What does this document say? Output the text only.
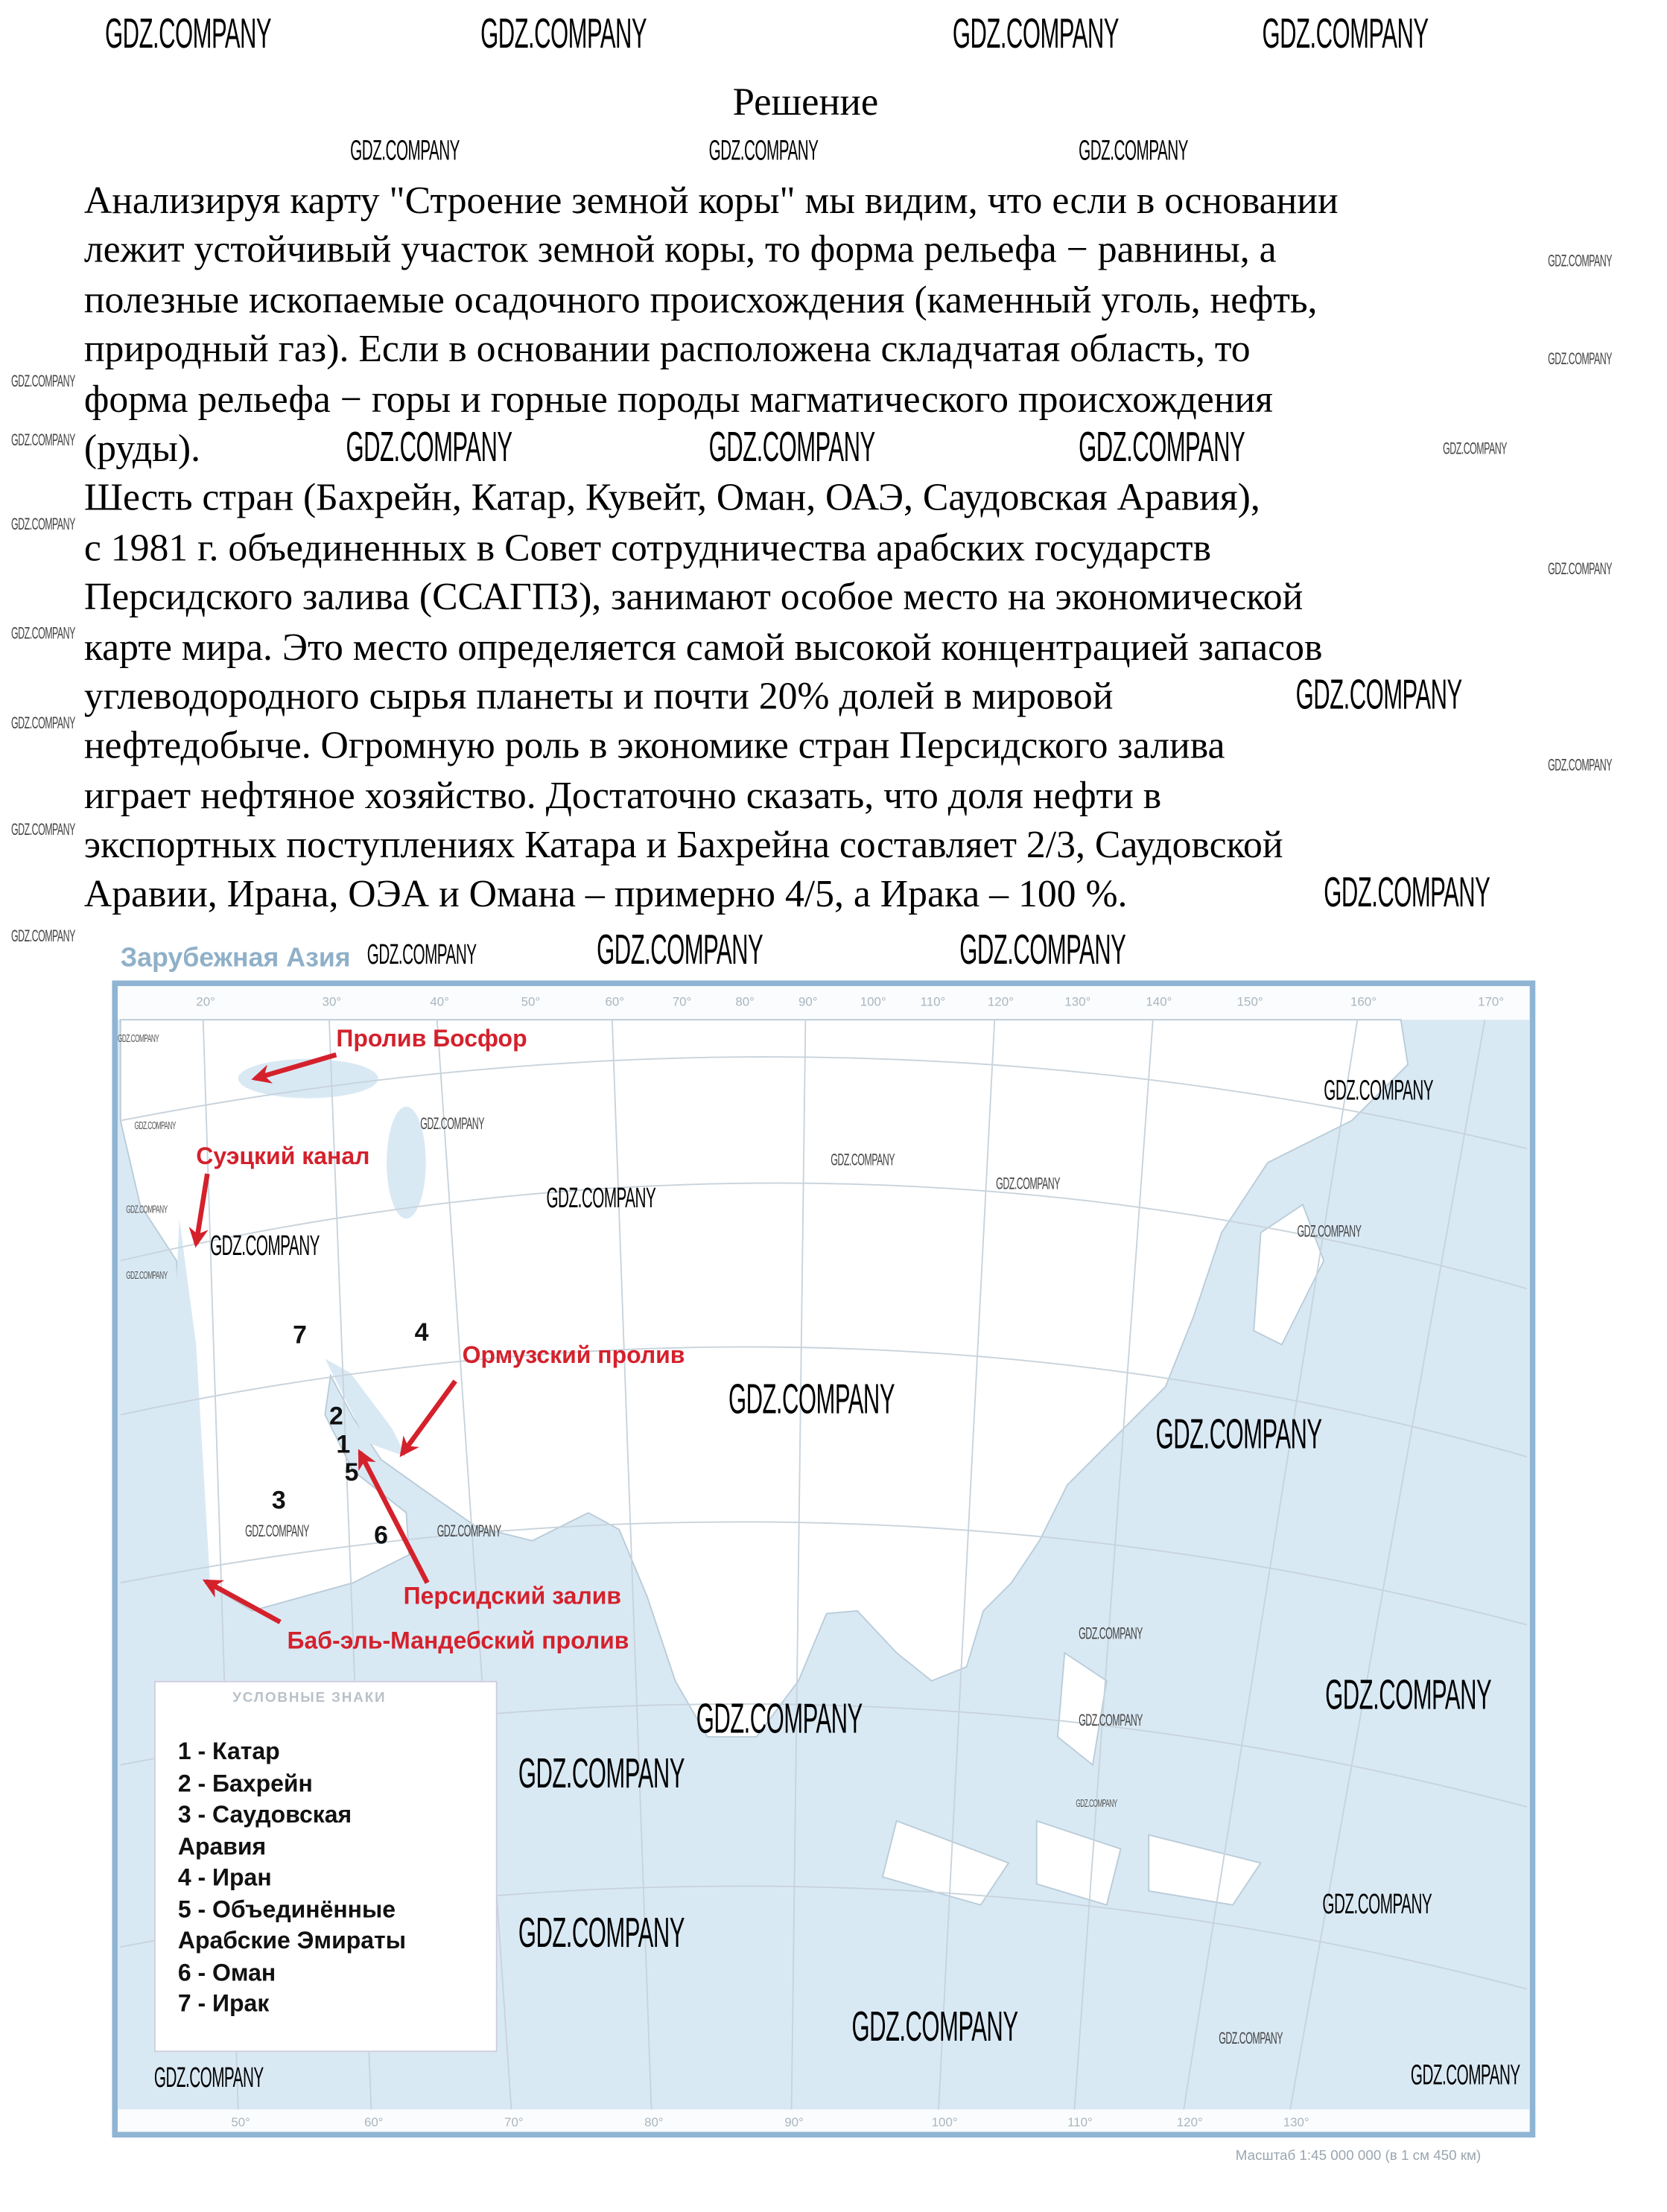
Решение
Анализируя карту "Строение земной коры" мы видим, что если в основании
лежит устойчивый участок земной коры, то форма рельефа − равнины, а
полезные ископаемые осадочного происхождения (каменный уголь, нефть,
природный газ). Если в основании расположена складчатая область, то
форма рельефа − горы и горные породы магматического происхождения
(руды).
Шесть стран (Бахрейн, Катар, Кувейт, Оман, ОАЭ, Саудовская Аравия),
с 1981 г. объединенных в Совет сотрудничества арабских государств
Персидского залива (ССАГПЗ), занимают особое место на экономической
карте мира. Это место определяется самой высокой концентрацией запасов
углеводородного сырья планеты и почти 20% долей в мировой
нефтедобыче. Огромную роль в экономике стран Персидского залива
играет нефтяное хозяйство. Достаточно сказать, что доля нефти в
экспортных поступлениях Катара и Бахрейна составляет 2/3, Саудовской
Аравии, Ирана, ОЭА и Омана – примерно 4/5, а Ирака – 100 %.
Зарубежная Азия
20°	30°	40°	50°	60°	70°	80°	90°	100°	110°	120°	130°	140°	150°	160°	170°
50°	60°	70°	80°	90°	100°	110°	120°	130°
Пролив Босфор
Суэцкий канал
Ормузский пролив
Персидский залив
Баб-эль-Мандебский пролив
1
2
3
4
5
6
7
УСЛОВНЫЕ ЗНАКИ
1 - Катар
2 - Бахрейн
3 - Саудовская
Аравия
4 - Иран
5 - Объединённые
Арабские Эмираты
6 - Оман
7 - Ирак
Масштаб 1:45 000 000 (в 1 см 450 км)
GDZ.COMPANY	GDZ.COMPANY	GDZ.COMPANY	GDZ.COMPANY
GDZ.COMPANY	GDZ.COMPANY	GDZ.COMPANY
GDZ.COMPANY	GDZ.COMPANY	GDZ.COMPANY	GDZ.COMPANY
GDZ.COMPANY
GDZ.COMPANY
GDZ.COMPANY
GDZ.COMPANY
GDZ.COMPANY
GDZ.COMPANY
GDZ.COMPANY
GDZ.COMPANY
GDZ.COMPANY
GDZ.COMPANY
GDZ.COMPANY
GDZ.COMPANY
GDZ.COMPANY	GDZ.COMPANY
GDZ.COMPANY
GDZ.COMPANY
GDZ.COMPANY
GDZ.COMPANY
GDZ.COMPANY
GDZ.COMPANY
GDZ.COMPANY
GDZ.COMPANY
GDZ.COMPANY
GDZ.COMPANY
GDZ.COMPANY
GDZ.COMPANY	GDZ.COMPANY
GDZ.COMPANY
GDZ.COMPANY
GDZ.COMPANY
GDZ.COMPANY
GDZ.COMPANY
GDZ.COMPANY
GDZ.COMPANY
GDZ.COMPANY
GDZ.COMPANY
GDZ.COMPANY
GDZ.COMPANY
GDZ.COMPANY
GDZ.COMPANY
GDZ.COMPANY
GDZ.COMPANY
GDZ.COMPANY
